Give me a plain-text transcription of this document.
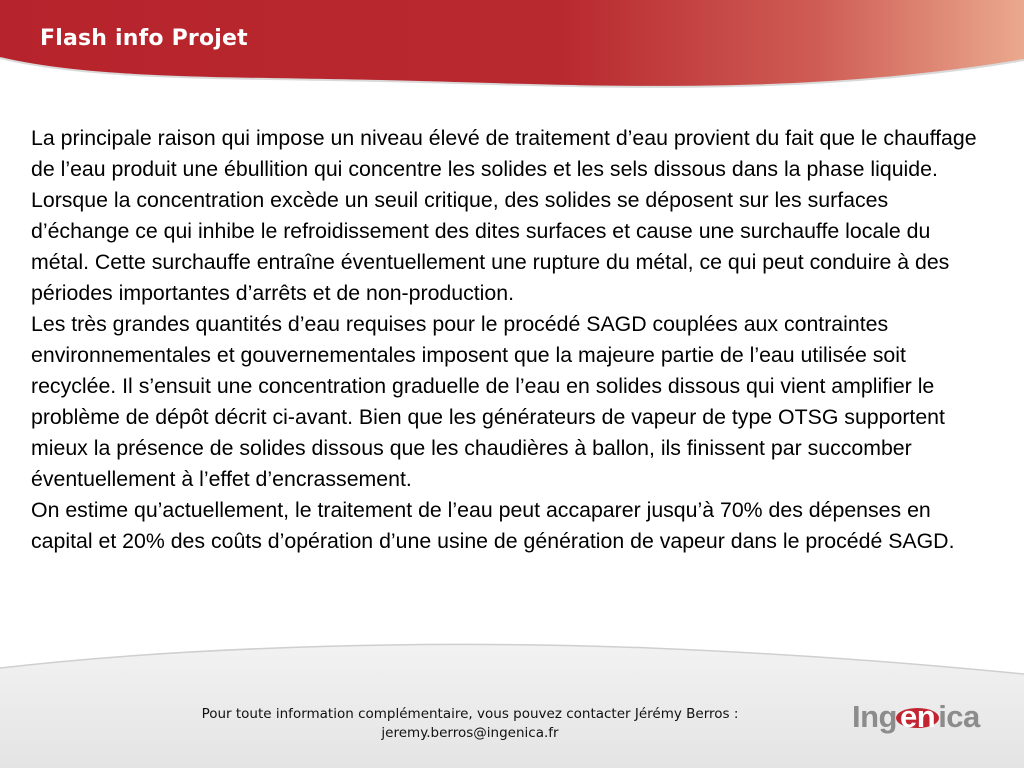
Flash info Projet

La principale raison qui impose un niveau élevé de traitement d’eau provient du fait que le chauffage de l’eau produit une ébullition qui concentre les solides et les sels dissous dans la phase liquide. Lorsque la concentration excède un seuil critique, des solides se déposent sur les surfaces d’échange ce qui inhibe le refroidissement des dites surfaces et cause une surchauffe locale du métal. Cette surchauffe entraîne éventuellement une rupture du métal, ce qui peut conduire à des périodes importantes d’arrêts et de non-production.

Les très grandes quantités d’eau requises pour le procédé SAGD couplées aux contraintes environnementales et gouvernementales imposent que la majeure partie de l’eau utilisée soit recyclée. Il s’ensuit une concentration graduelle de l’eau en solides dissous qui vient amplifier le problème de dépôt décrit ci-avant. Bien que les générateurs de vapeur de type OTSG supportent mieux la présence de solides dissous que les chaudières à ballon, ils finissent par succomber éventuellement à l’effet d’encrassement.

On estime qu’actuellement, le traitement de l’eau peut accaparer jusqu’à 70% des dépenses en capital et 20% des coûts d’opération d’une usine de génération de vapeur dans le procédé SAGD.

Pour toute information complémentaire, vous pouvez contacter Jérémy Berros :
jeremy.berros@ingenica.fr	Ingenica
